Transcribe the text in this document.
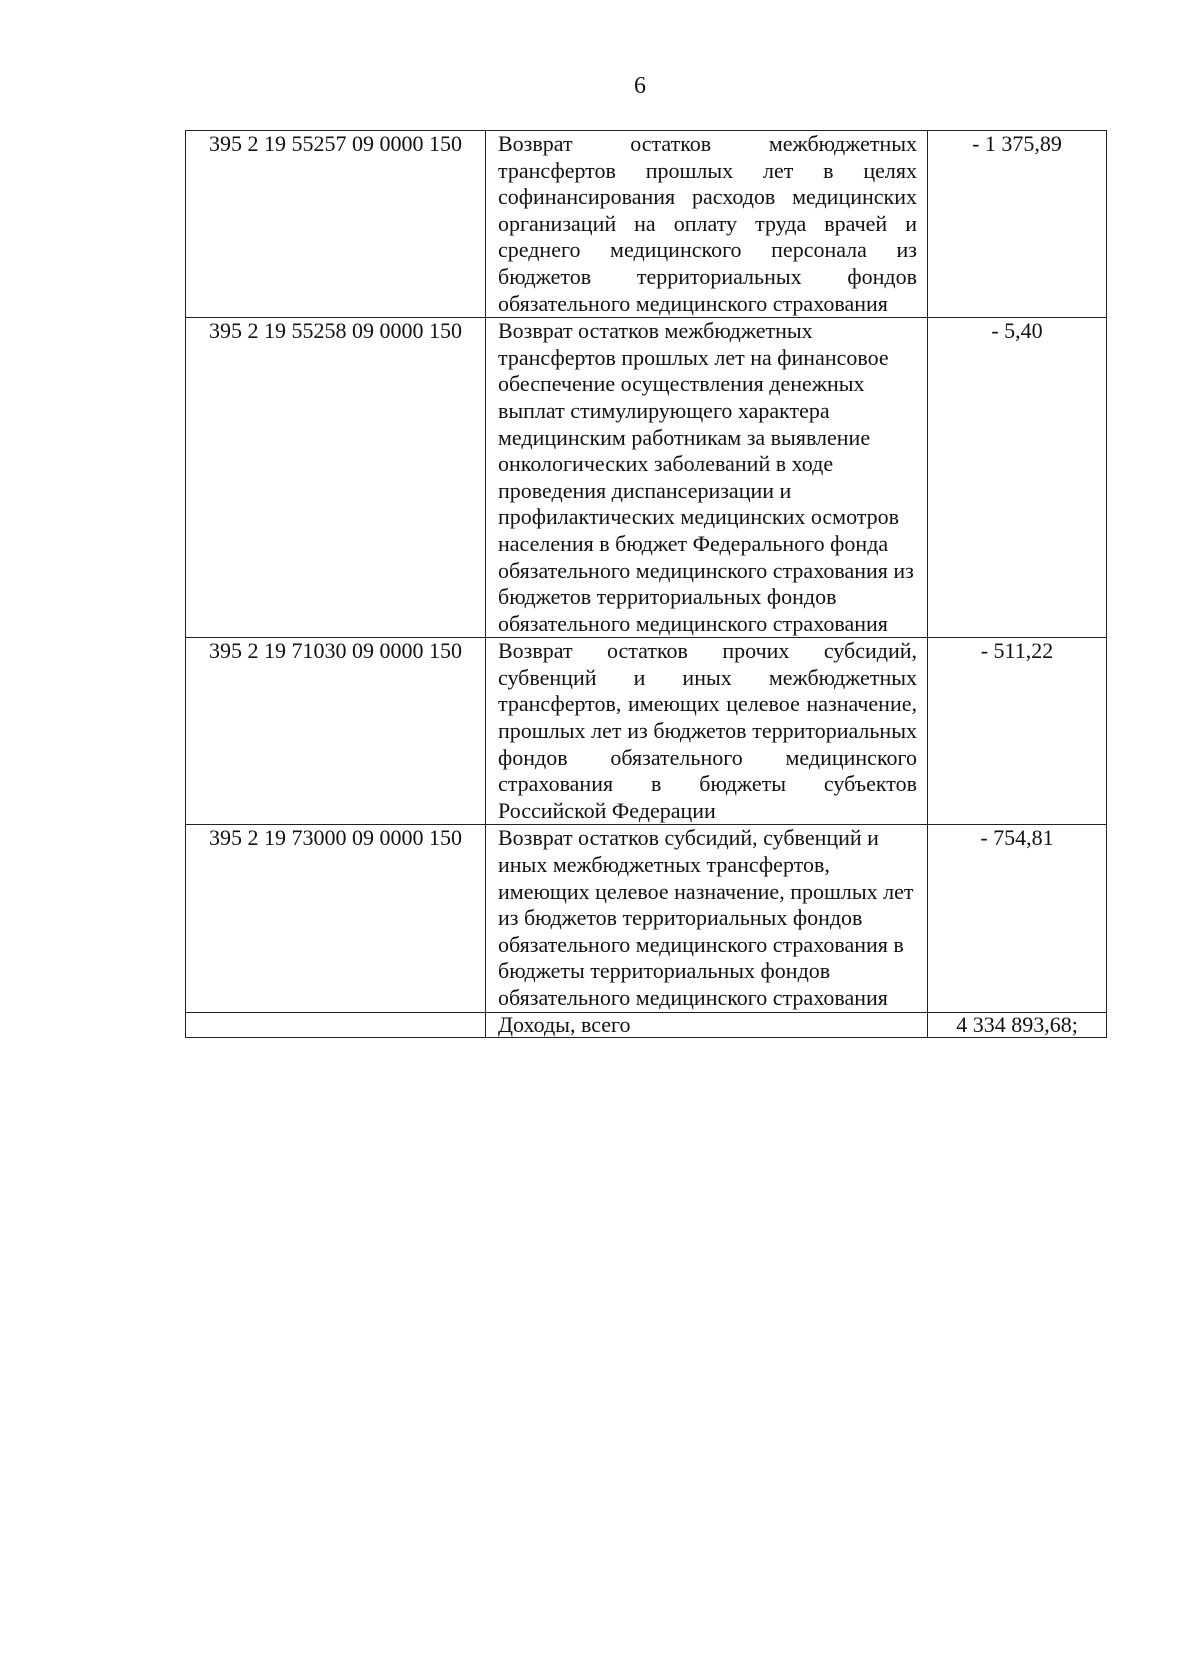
6
395 2 19 55257 09 0000 150	Возврат остатков межбюджетных трансфертов прошлых лет в целях софинансирования расходов медицинских организаций на оплату труда врачей и среднего медицинского персонала из бюджетов территориальных фондов обязательного медицинского страхования	- 1 375,89
395 2 19 55258 09 0000 150	Возврат остатков межбюджетных трансфертов прошлых лет на финансовое обеспечение осуществления денежных выплат стимулирующего характера медицинским работникам за выявление онкологических заболеваний в ходе проведения диспансеризации и профилактических медицинских осмотров населения в бюджет Федерального фонда обязательного медицинского страхования из бюджетов территориальных фондов обязательного медицинского страхования	- 5,40
395 2 19 71030 09 0000 150	Возврат остатков прочих субсидий, субвенций и иных межбюджетных трансфертов, имеющих целевое назначение, прошлых лет из бюджетов территориальных фондов обязательного медицинского страхования в бюджеты субъектов Российской Федерации	- 511,22
395 2 19 73000 09 0000 150	Возврат остатков субсидий, субвенций и иных межбюджетных трансфертов, имеющих целевое назначение, прошлых лет из бюджетов территориальных фондов обязательного медицинского страхования в бюджеты территориальных фондов обязательного медицинского страхования	- 754,81
	Доходы, всего	4 334 893,68;
